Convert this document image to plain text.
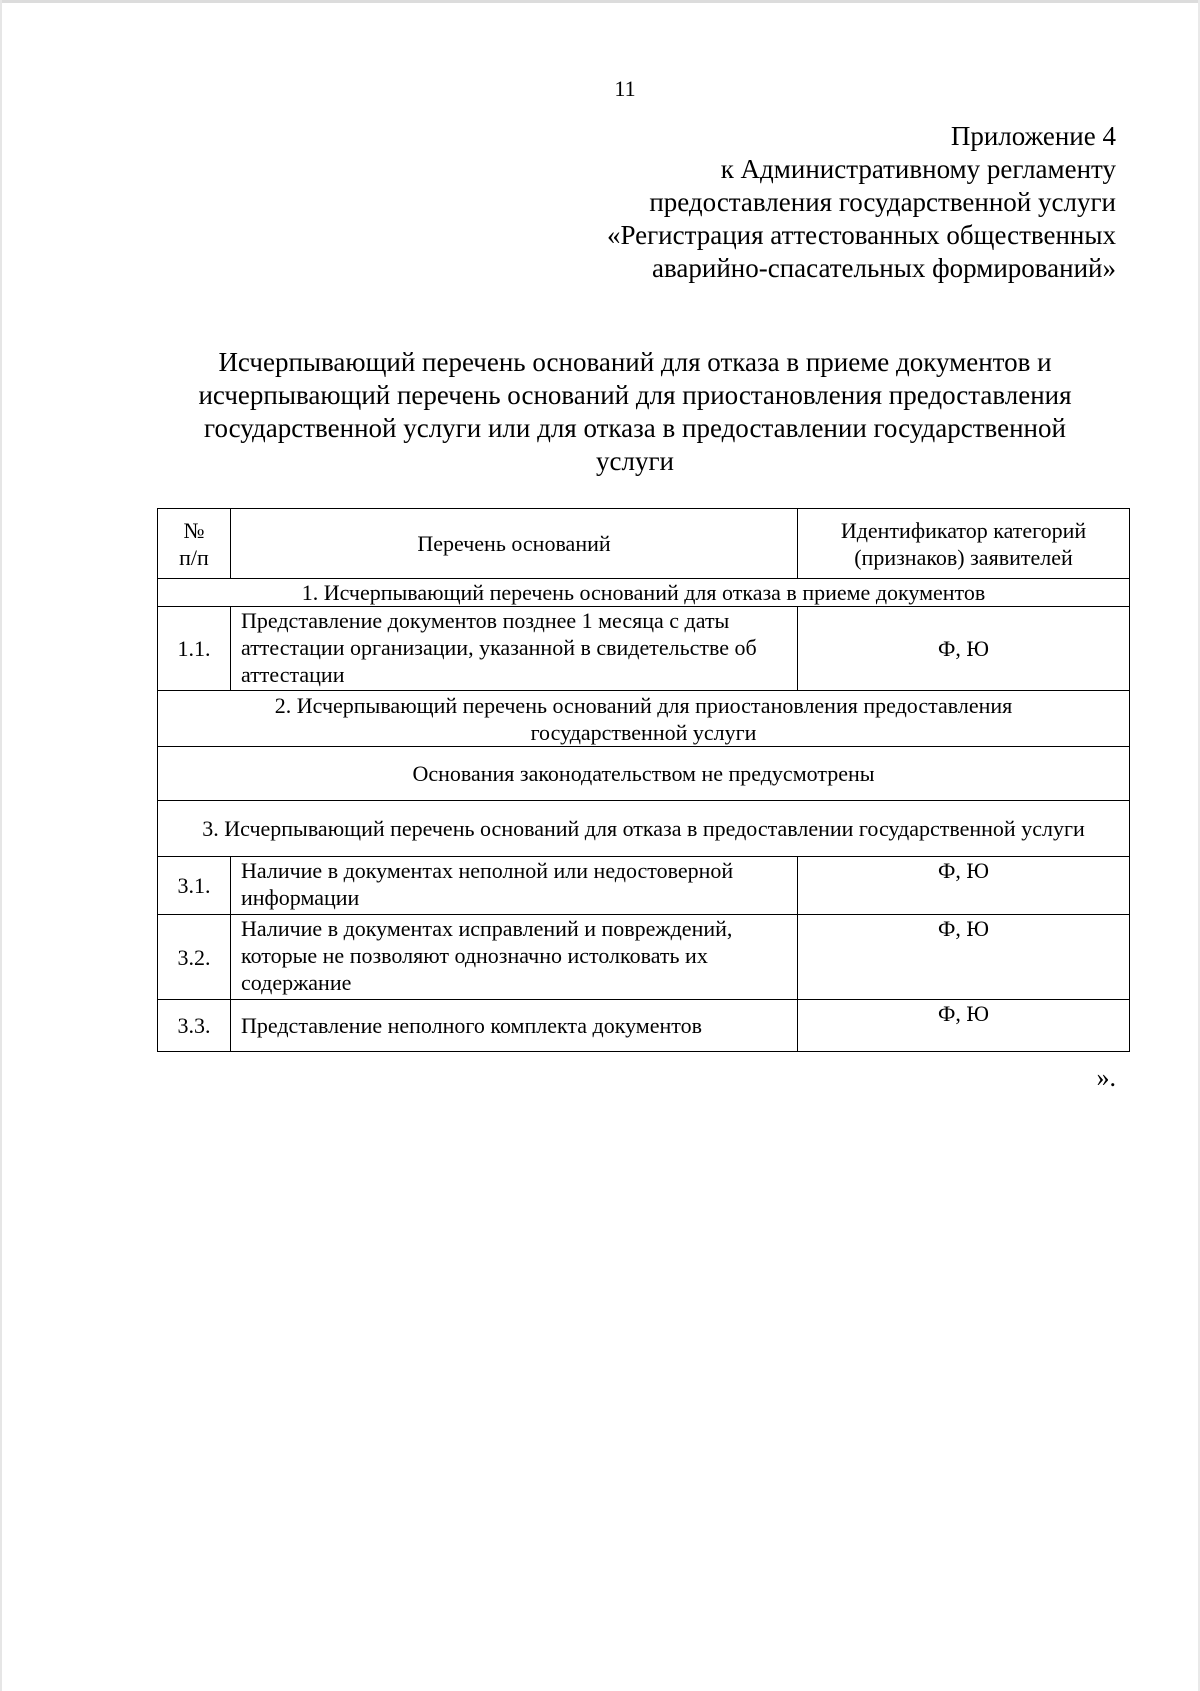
11
Приложение 4
к Административному регламенту
предоставления государственной услуги
«Регистрация аттестованных общественных
аварийно-спасательных формирований»
Исчерпывающий перечень оснований для отказа в приеме документов и
исчерпывающий перечень оснований для приостановления предоставления
государственной услуги или для отказа в предоставлении государственной
услуги
№ п/п	Перечень оснований	Идентификатор категорий (признаков) заявителей
1. Исчерпывающий перечень оснований для отказа в приеме документов		
1.1.	Представление документов позднее 1 месяца с даты аттестации организации, указанной в свидетельстве об аттестации	Ф, Ю
2. Исчерпывающий перечень оснований для приостановления предоставления государственной услуги		
Основания законодательством не предусмотрены		
3. Исчерпывающий перечень оснований для отказа в предоставлении государственной услуги		
3.1.	Наличие в документах неполной или недостоверной информации	Ф, Ю
3.2.	Наличие в документах исправлений и повреждений, которые не позволяют однозначно истолковать их содержание	Ф, Ю
3.3.	Представление неполного комплекта документов	Ф, Ю
».
